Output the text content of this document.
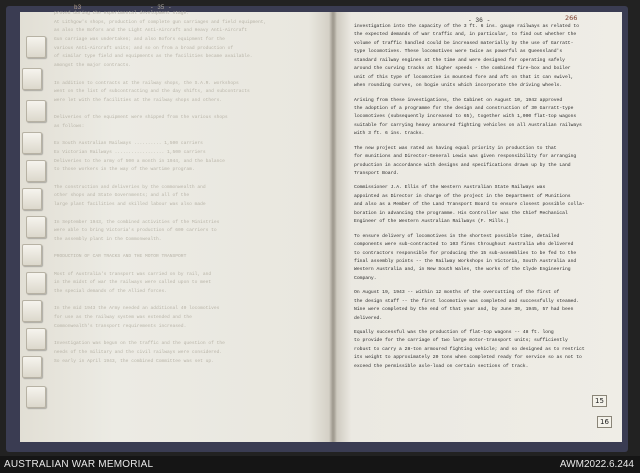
b3	- 35 -
proved during the experimental development stage.
At Lithgow's shops, production of complete gun carriages and field equipment,
as also the Bofors and the Light Anti-Aircraft and Heavy Anti-Aircraft
Gun carriage was undertaken; and also Bofors equipment for the
various Anti-Aircraft units; and so on from a broad production of
of similar type field and equipments as the facilities became available.
amongst the major contracts.
In addition to contracts at the railway shops, the S.A.R. workshops
went on the list of subcontracting and the day shifts, and subcontracts
were let with the facilities at the railway shops and others.
Deliveries of the equipment were shipped from the various shops
as follows:
Ex South Australian Railways .......... 1,500 carriers
Ex Victorian Railways .................. 1,500 carriers
Deliveries to the army of 500 a month in 1944, and the balance
to those workers in the way of the wartime program.
The construction and deliveries by the commonwealth and
other shops and State Governments; and all of the
large plant facilities and skilled labour was also made
In September 1943, the combined activities of the Ministries
were able to bring Victoria's production of 600 carriers to
the assembly plant in the Commonwealth.
PRODUCTION OF CAR TRACKS AND THE MOTOR TRANSPORT
Most of Australia's transport was carried on by rail, and
in the midst of war the railways were called upon to meet
the special demands of the Allied forces.
In the mid 1943 the Army needed an additional 40 locomotives
for use as the railway system was extended and the
Commonwealth's transport requirements increased.
Investigation was begun on the traffic and the question of the
needs of the military and the civil railways were considered.
So early in April 1943, the combined Committee was set up.
- 36 -	266
investigation into the capacity of the 3 ft. 6 ins. gauge railways as related to
the expected demands of war traffic and, in particular, to find out whether the
volume of traffic handled could be increased materially by the use of Garratt-
type locomotives. These locomotives were twice as powerful as Queensland's
standard railway engines at the time and were designed for operating safely
around the curving tracks at higher speeds - the combined fire-box and boiler
unit of this type of locomotive is mounted fore and aft on that it can swivel,
when rounding curves, on bogie units which incorporate the driving wheels.
Arising from these investigations, the Cabinet on August 10, 1942 approved
the adoption of a programme for the design and construction of 30 Garratt-type
locomotives (subsequently increased to 65), together with 1,000 flat-top wagons
suitable for carrying heavy armoured fighting vehicles on all Australian railways
with 3 ft. 6 ins. tracks.
The new project was rated as having equal priority in production to that
for munitions and Director-General Lewis was given responsibility for arranging
production in accordance with designs and specifications drawn up by the Land
Transport Board.
Commissioner J.A. Ellis of the Western Australian State Railways was
appointed as Director in charge of the project in the Department of Munitions
and also as a Member of the Land Transport Board to ensure closest possible colla-
boration in advancing the programme. His Controller was the Chief Mechanical
Engineer of the Western Australian Railways (F. Mills.)
To ensure delivery of locomotives in the shortest possible time, detailed
components were sub-contracted to 103 firms throughout Australia who delivered
to contractors responsible for producing the 15 sub-assemblies to be fed to the
final assembly points -- the Railway Workshops in Victoria, South Australia and
Western Australia and, in New South Wales, the works of the Clyde Engineering
Company.
On August 19, 1943 -- within 12 months of the overcutting of the first of
the design staff -- the first locomotive was completed and successfully steamed.
Nine were completed by the end of that year and, by June 30, 1945, 57 had been
delivered.
Equally successful was the production of flat-top wagons -- 48 ft. long
to provide for the carriage of two large motor-transport units; sufficiently
robust to carry a 28-ton armoured fighting vehicle; and so designed as to restrict
its weight to approximately 20 tons when completed ready for service so as not to
exceed the permissible axle-load on certain sections of track.
15
16
AUSTRALIAN WAR MEMORIAL	AWM2022.6.244
